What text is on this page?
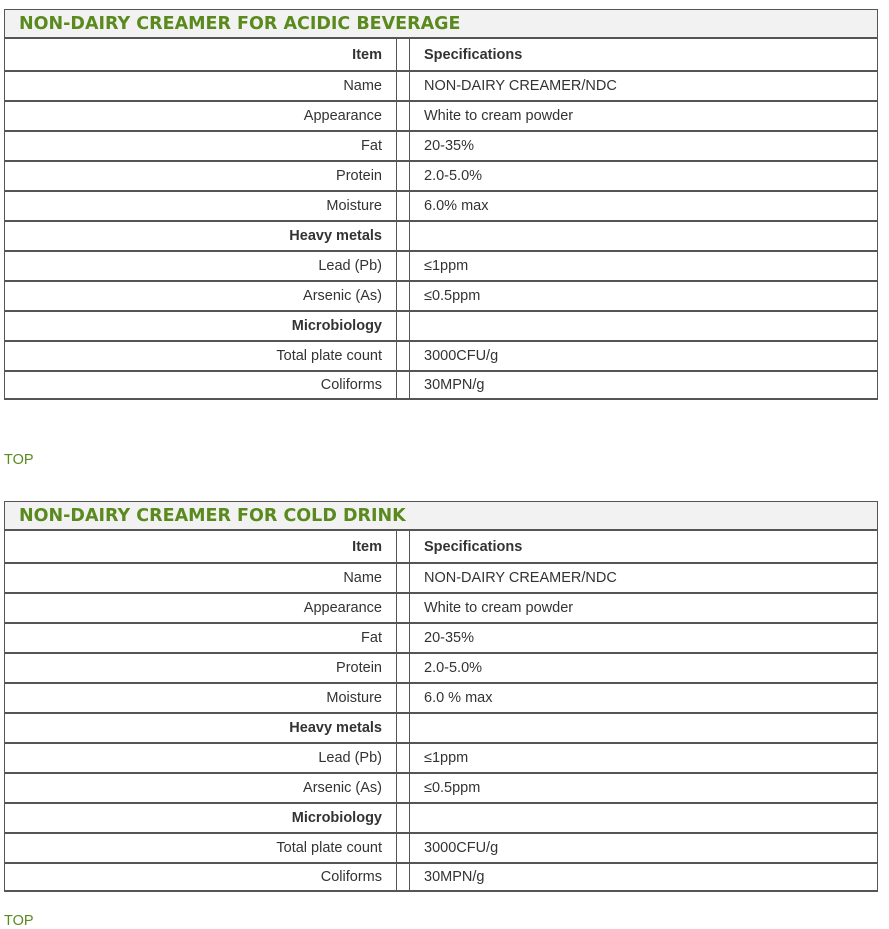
NON-DAIRY CREAMER FOR ACIDIC BEVERAGE
Item		Specifications
Name		NON-DAIRY CREAMER/NDC
Appearance		White to cream powder
Fat		20-35%
Protein		2.0-5.0%
Moisture		6.0% max
Heavy metals		
Lead (Pb)		≤1ppm
Arsenic (As)		≤0.5ppm
Microbiology		
Total plate count		3000CFU/g
Coliforms		30MPN/g
TOP
NON-DAIRY CREAMER FOR COLD DRINK
Item		Specifications
Name		NON-DAIRY CREAMER/NDC
Appearance		White to cream powder
Fat		20-35%
Protein		2.0-5.0%
Moisture		6.0 % max
Heavy metals		
Lead (Pb)		≤1ppm
Arsenic (As)		≤0.5ppm
Microbiology		
Total plate count		3000CFU/g
Coliforms		30MPN/g
TOP
